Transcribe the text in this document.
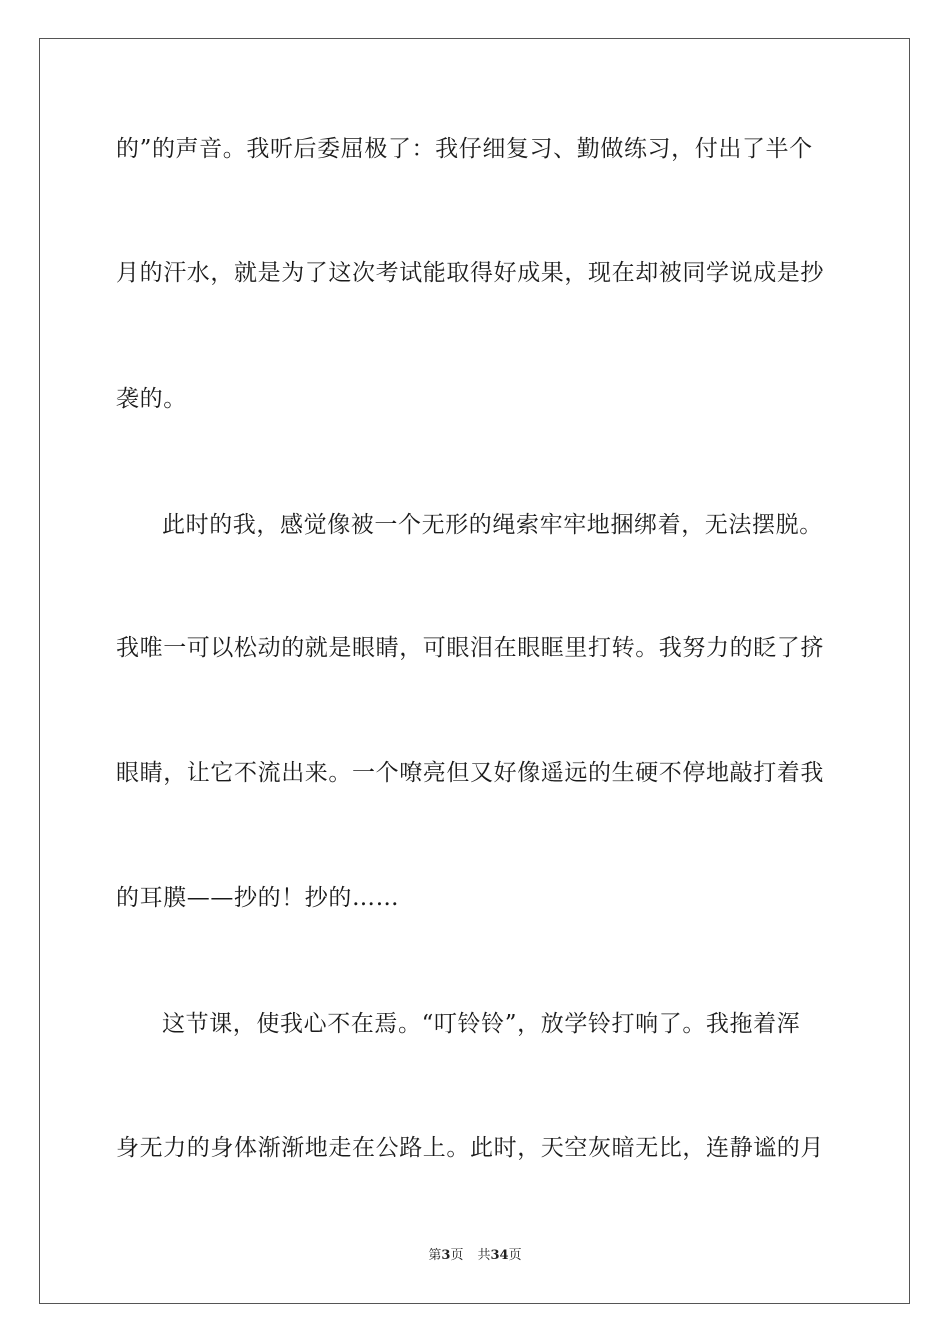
的”的声音。我听后委屈极了：我仔细复习、勤做练习，付出了半个
月的汗水，就是为了这次考试能取得好成果，现在却被同学说成是抄
袭的。
此时的我，感觉像被一个无形的绳索牢牢地捆绑着，无法摆脱。
我唯一可以松动的就是眼睛，可眼泪在眼眶里打转。我努力的眨了挤
眼睛，让它不流出来。一个嘹亮但又好像遥远的生硬不停地敲打着我
的耳膜——抄的！抄的……
这节课，使我心不在焉。“叮铃铃”，放学铃打响了。我拖着浑
身无力的身体渐渐地走在公路上。此时，天空灰暗无比，连静谧的月
第3页 共34页
